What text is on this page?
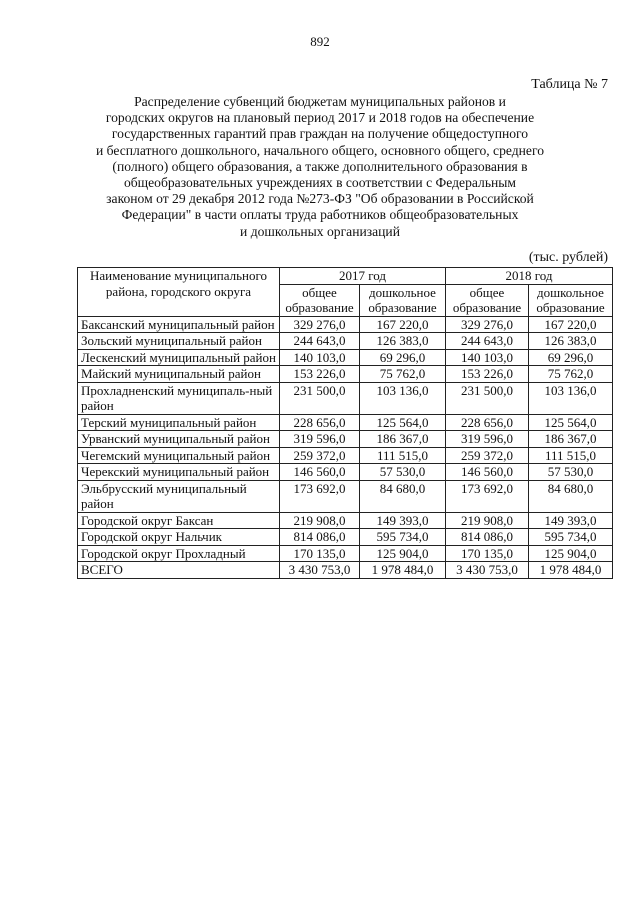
892
Таблица № 7
Распределение субвенций бюджетам муниципальных районов и
городских округов на плановый период 2017 и 2018 годов на обеспечение
государственных гарантий прав граждан на получение общедоступного
и бесплатного дошкольного, начального общего, основного общего, среднего
(полного) общего образования, а также дополнительного образования в
общеобразовательных учреждениях в соответствии с Федеральным
законом от 29 декабря 2012 года №273-ФЗ "Об образовании в Российской
Федерации" в части оплаты труда работников общеобразовательных
и дошкольных организаций
(тыс. рублей)
Наименование муниципального района, городского округа	2017 год		2018 год	
	общее образование	дошкольное образование	общее образование	дошкольное образование
Баксанский муниципальный район	329 276,0	167 220,0	329 276,0	167 220,0
Зольский муниципальный район	244 643,0	126 383,0	244 643,0	126 383,0
Лескенский муниципальный район	140 103,0	69 296,0	140 103,0	69 296,0
Майский муниципальный район	153 226,0	75 762,0	153 226,0	75 762,0
Прохладненский муниципаль-ный район	231 500,0	103 136,0	231 500,0	103 136,0
Терский муниципальный район	228 656,0	125 564,0	228 656,0	125 564,0
Урванский муниципальный район	319 596,0	186 367,0	319 596,0	186 367,0
Чегемский муниципальный район	259 372,0	111 515,0	259 372,0	111 515,0
Черекский муниципальный район	146 560,0	57 530,0	146 560,0	57 530,0
Эльбрусский муниципальный район	173 692,0	84 680,0	173 692,0	84 680,0
Городской округ Баксан	219 908,0	149 393,0	219 908,0	149 393,0
Городской округ Нальчик	814 086,0	595 734,0	814 086,0	595 734,0
Городской округ Прохладный	170 135,0	125 904,0	170 135,0	125 904,0
ВСЕГО	3 430 753,0	1 978 484,0	3 430 753,0	1 978 484,0
